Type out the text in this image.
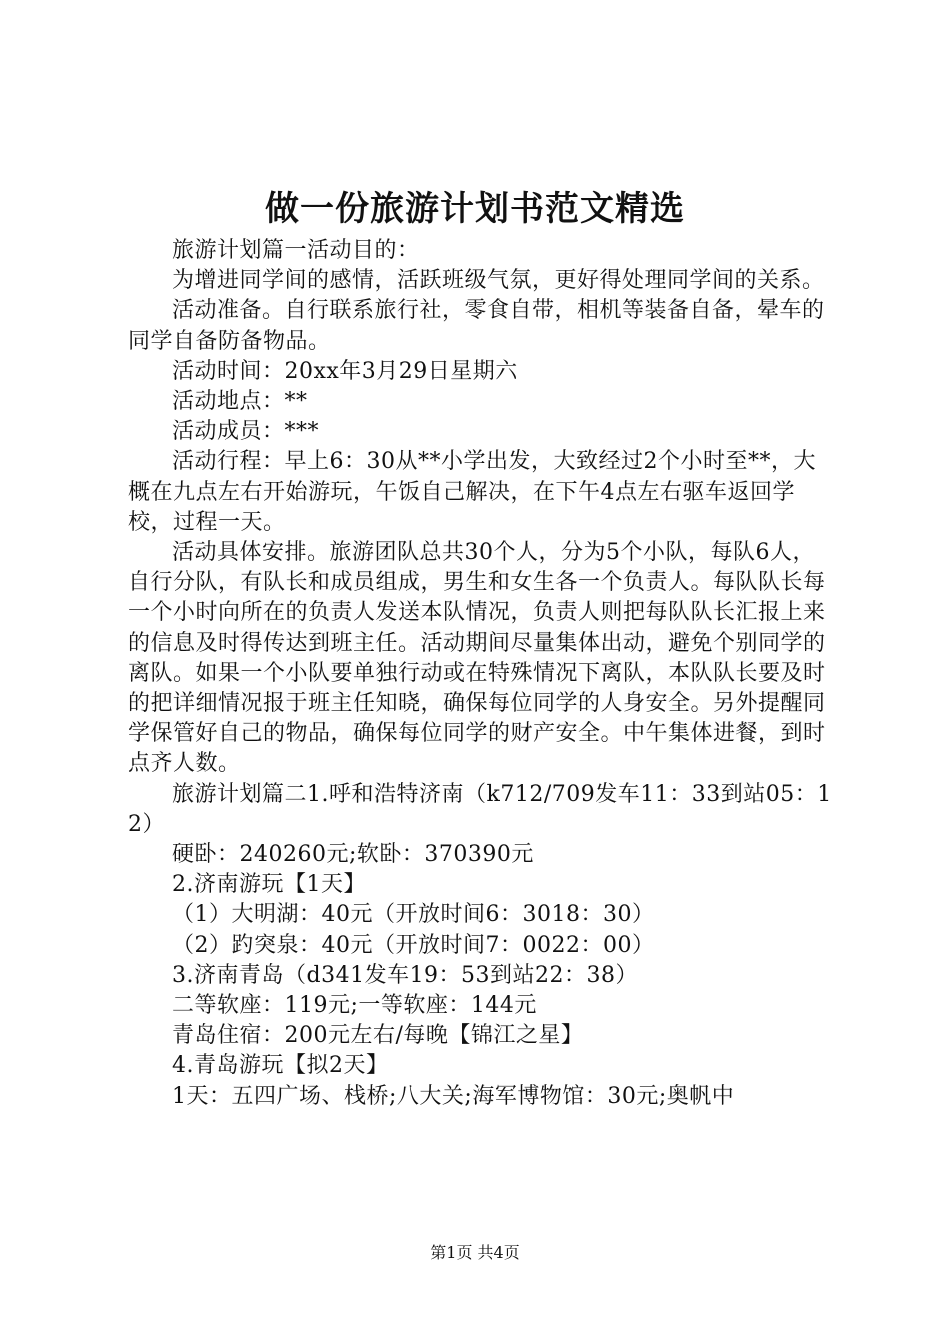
做一份旅游计划书范文精选

旅游计划篇一活动目的：

为增进同学间的感情，活跃班级气氛，更好得处理同学间的关系。

活动准备。自行联系旅行社，零食自带，相机等装备自备，晕车的同学自备防备物品。

活动时间：20xx年3月29日星期六

活动地点：**

活动成员：***

活动行程：早上6：30从**小学出发，大致经过2个小时至**，大概在九点左右开始游玩，午饭自己解决，在下午4点左右驱车返回学校，过程一天。

活动具体安排。旅游团队总共30个人，分为5个小队，每队6人，自行分队，有队长和成员组成，男生和女生各一个负责人。每队队长每一个小时向所在的负责人发送本队情况，负责人则把每队队长汇报上来的信息及时得传达到班主任。活动期间尽量集体出动，避免个别同学的离队。如果一个小队要单独行动或在特殊情况下离队，本队队长要及时的把详细情况报于班主任知晓，确保每位同学的人身安全。另外提醒同学保管好自己的物品，确保每位同学的财产安全。中午集体进餐，到时点齐人数。

旅游计划篇二1.呼和浩特济南（k712/709发车11：33到站05：12）

硬卧：240260元;软卧：370390元

2.济南游玩【1天】

（1）大明湖：40元（开放时间6：3018：30）

（2）趵突泉：40元（开放时间7：0022：00）

3.济南青岛（d341发车19：53到站22：38）

二等软座：119元;一等软座：144元

青岛住宿：200元左右/每晚【锦江之星】

4.青岛游玩【拟2天】

1天：五四广场、栈桥;八大关;海军博物馆：30元;奥帆中

第1页 共4页
